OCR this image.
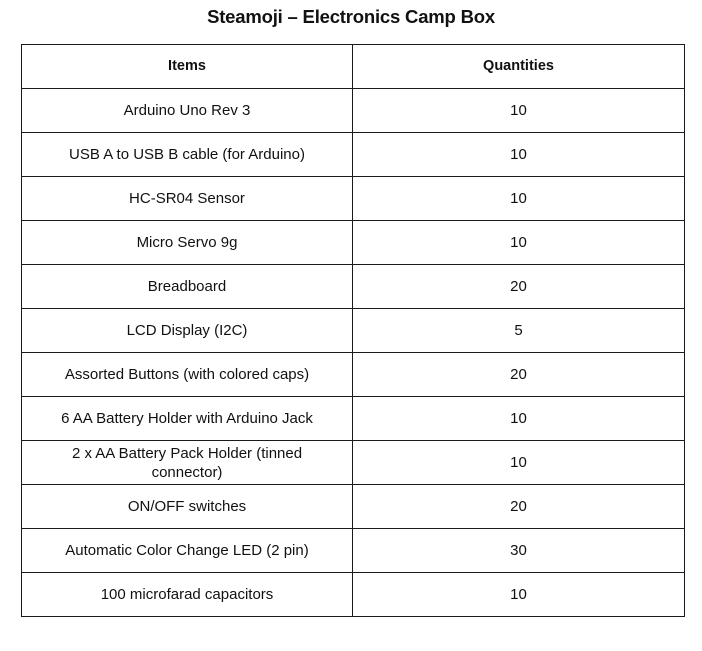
Steamoji – Electronics Camp Box
Items	Quantities
Arduino Uno Rev 3	10
USB A to USB B cable (for Arduino)	10
HC-SR04 Sensor	10
Micro Servo 9g	10
Breadboard	20
LCD Display (I2C)	5
Assorted Buttons (with colored caps)	20
6 AA Battery Holder with Arduino Jack	10
2 x AA Battery Pack Holder (tinned connector)	10
ON/OFF switches	20
Automatic Color Change LED (2 pin)	30
100 microfarad capacitors	10
